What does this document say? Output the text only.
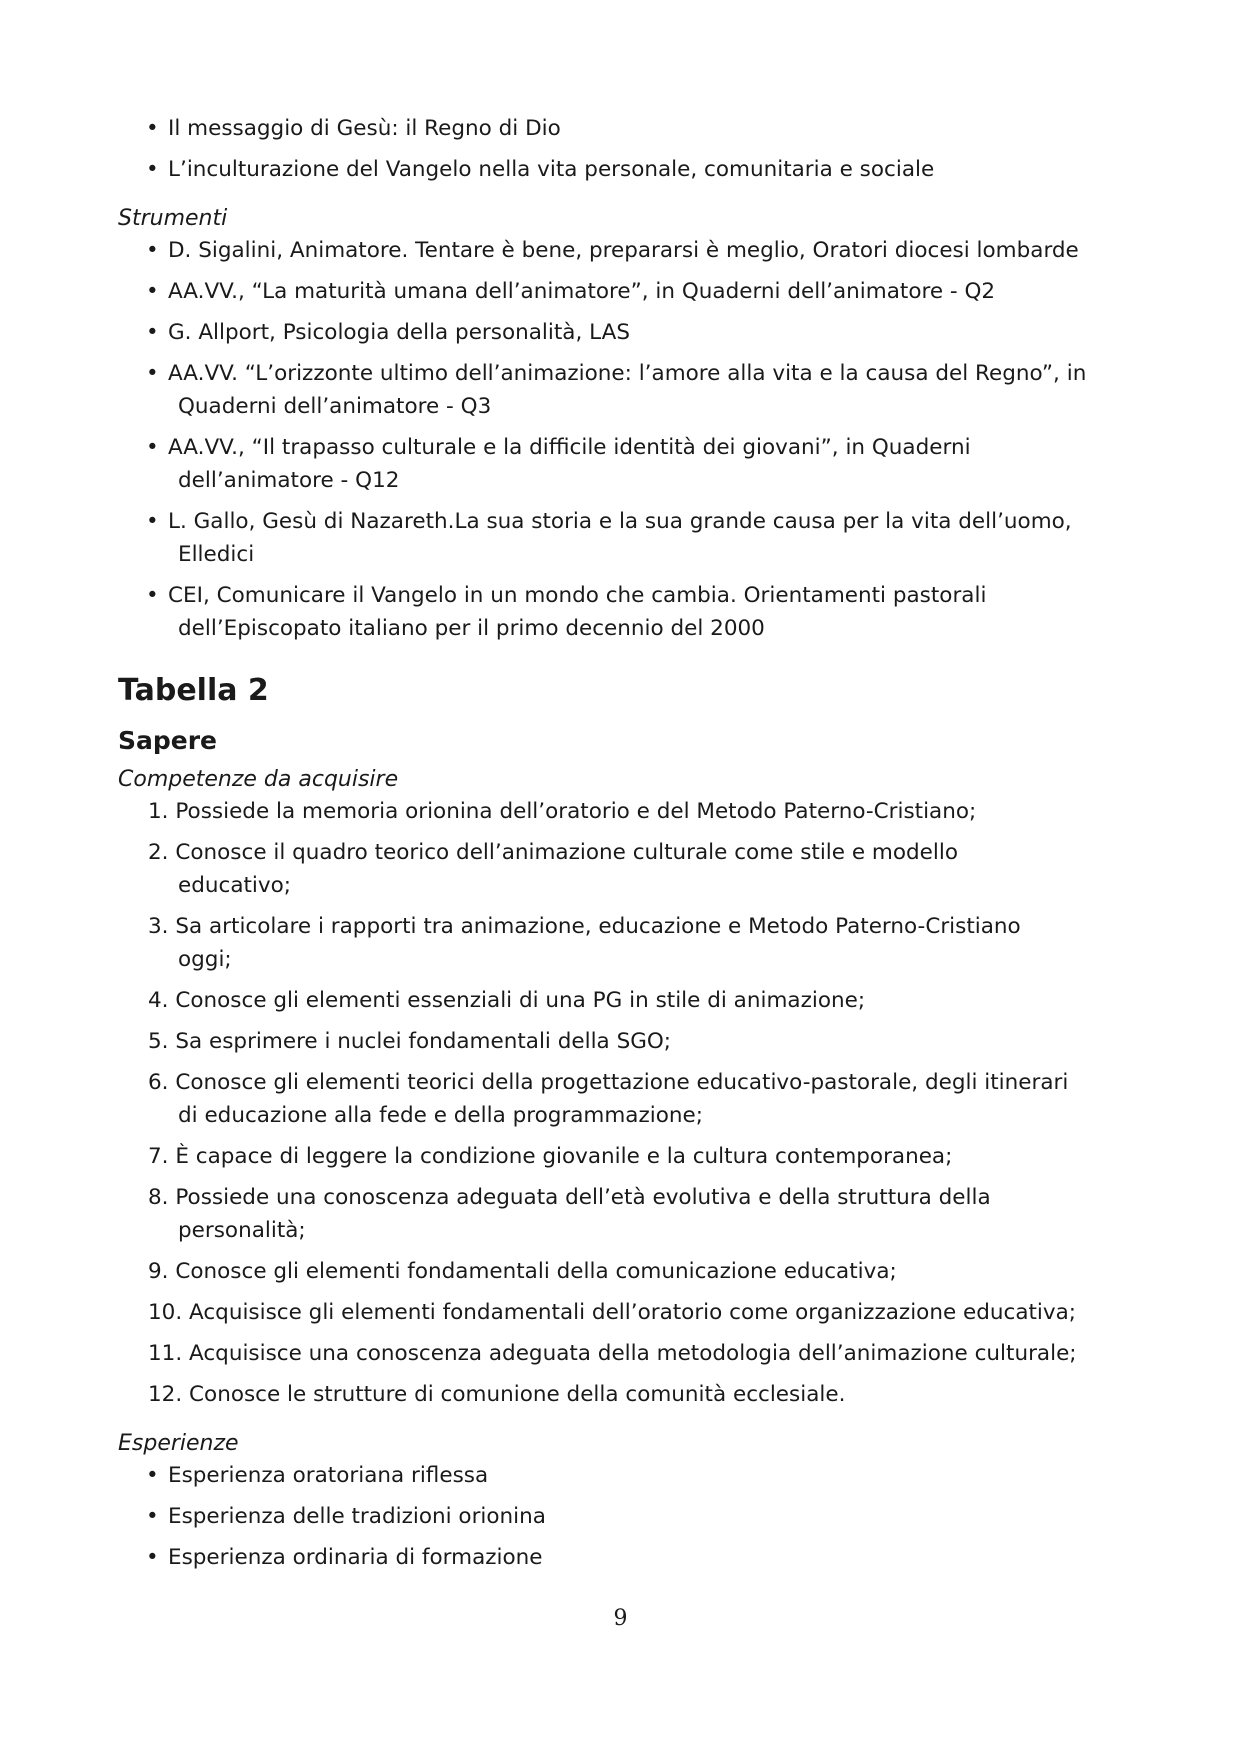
• Il messaggio di Gesù: il Regno di Dio
• L’inculturazione del Vangelo nella vita personale, comunitaria e sociale
Strumenti
• D. Sigalini, Animatore. Tentare è bene, prepararsi è meglio, Oratori diocesi lombarde
• AA.VV., “La maturità umana dell’animatore”, in Quaderni dell’animatore - Q2
• G. Allport, Psicologia della personalità, LAS
• AA.VV. “L’orizzonte ultimo dell’animazione: l’amore alla vita e la causa del Regno”, in
Quaderni dell’animatore - Q3
• AA.VV., “Il trapasso culturale e la difficile identità dei giovani”, in Quaderni
dell’animatore - Q12
• L. Gallo, Gesù di Nazareth.La sua storia e la sua grande causa per la vita dell’uomo,
Elledici
• CEI, Comunicare il Vangelo in un mondo che cambia. Orientamenti pastorali
dell’Episcopato italiano per il primo decennio del 2000
Tabella 2
Sapere
Competenze da acquisire
1. Possiede la memoria orionina dell’oratorio e del Metodo Paterno-Cristiano;
2. Conosce il quadro teorico dell’animazione culturale come stile e modello
educativo;
3. Sa articolare i rapporti tra animazione, educazione e Metodo Paterno-Cristiano
oggi;
4. Conosce gli elementi essenziali di una PG in stile di animazione;
5. Sa esprimere i nuclei fondamentali della SGO;
6. Conosce gli elementi teorici della progettazione educativo-pastorale, degli itinerari
di educazione alla fede e della programmazione;
7. È capace di leggere la condizione giovanile e la cultura contemporanea;
8. Possiede una conoscenza adeguata dell’età evolutiva e della struttura della
personalità;
9. Conosce gli elementi fondamentali della comunicazione educativa;
10. Acquisisce gli elementi fondamentali dell’oratorio come organizzazione educativa;
11. Acquisisce una conoscenza adeguata della metodologia dell’animazione culturale;
12. Conosce le strutture di comunione della comunità ecclesiale.
Esperienze
• Esperienza oratoriana riflessa
• Esperienza delle tradizioni orionina
• Esperienza ordinaria di formazione
9
